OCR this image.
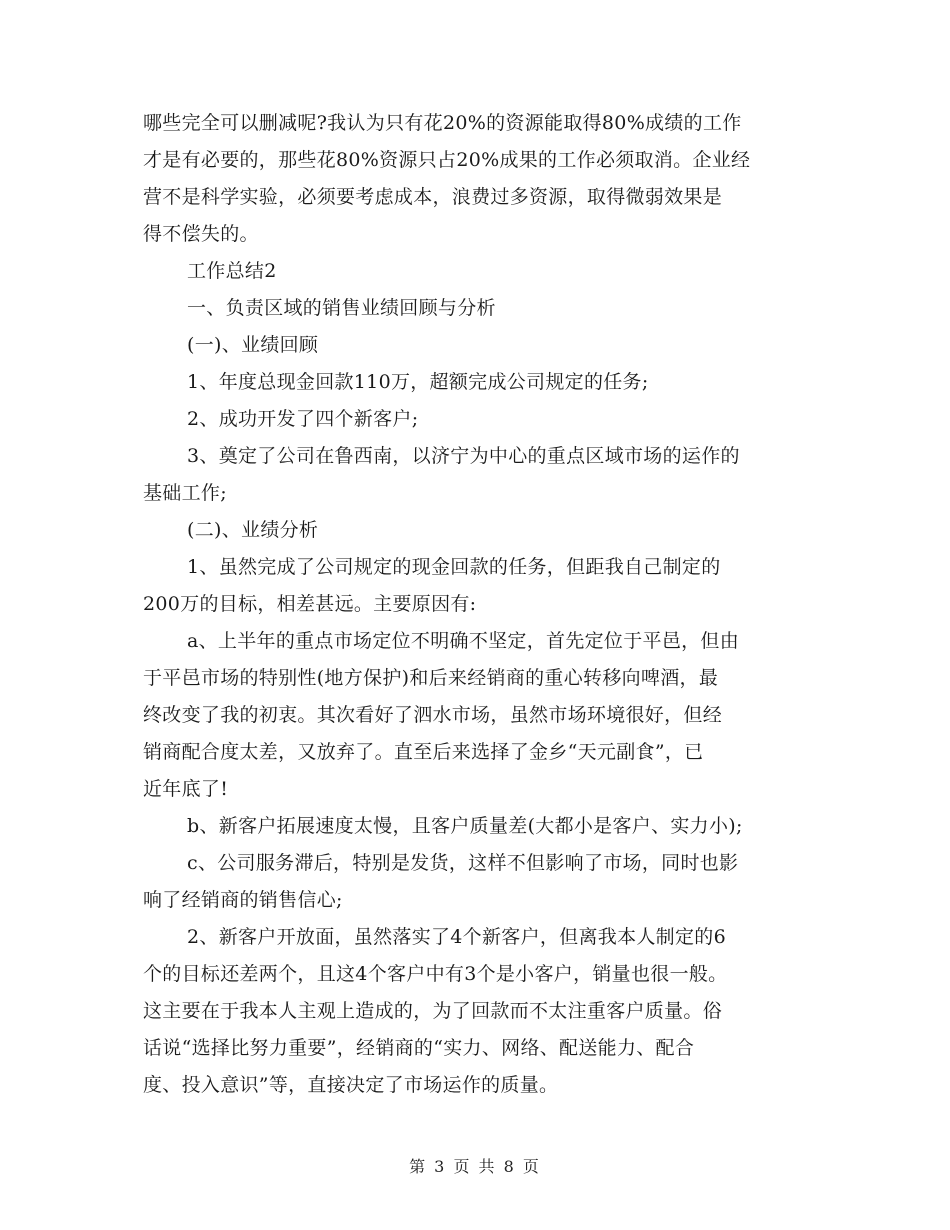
哪些完全可以删减呢?我认为只有花20%的资源能取得80%成绩的工作
才是有必要的，那些花80%资源只占20%成果的工作必须取消。企业经
营不是科学实验，必须要考虑成本，浪费过多资源，取得微弱效果是
得不偿失的。
工作总结2
一、负责区域的销售业绩回顾与分析
(一)、业绩回顾
1、年度总现金回款110万，超额完成公司规定的任务;
2、成功开发了四个新客户;
3、奠定了公司在鲁西南，以济宁为中心的重点区域市场的运作的
基础工作;
(二)、业绩分析
1、虽然完成了公司规定的现金回款的任务，但距我自己制定的
200万的目标，相差甚远。主要原因有:
a、上半年的重点市场定位不明确不坚定，首先定位于平邑，但由
于平邑市场的特别性(地方保护)和后来经销商的重心转移向啤酒，最
终改变了我的初衷。其次看好了泗水市场，虽然市场环境很好，但经
销商配合度太差，又放弃了。直至后来选择了金乡“天元副食”，已
近年底了!
b、新客户拓展速度太慢，且客户质量差(大都小是客户、实力小);
c、公司服务滞后，特别是发货，这样不但影响了市场，同时也影
响了经销商的销售信心;
2、新客户开放面，虽然落实了4个新客户，但离我本人制定的6
个的目标还差两个，且这4个客户中有3个是小客户，销量也很一般。
这主要在于我本人主观上造成的，为了回款而不太注重客户质量。俗
话说“选择比努力重要”，经销商的“实力、网络、配送能力、配合
度、投入意识”等，直接决定了市场运作的质量。
第 3 页 共 8 页
